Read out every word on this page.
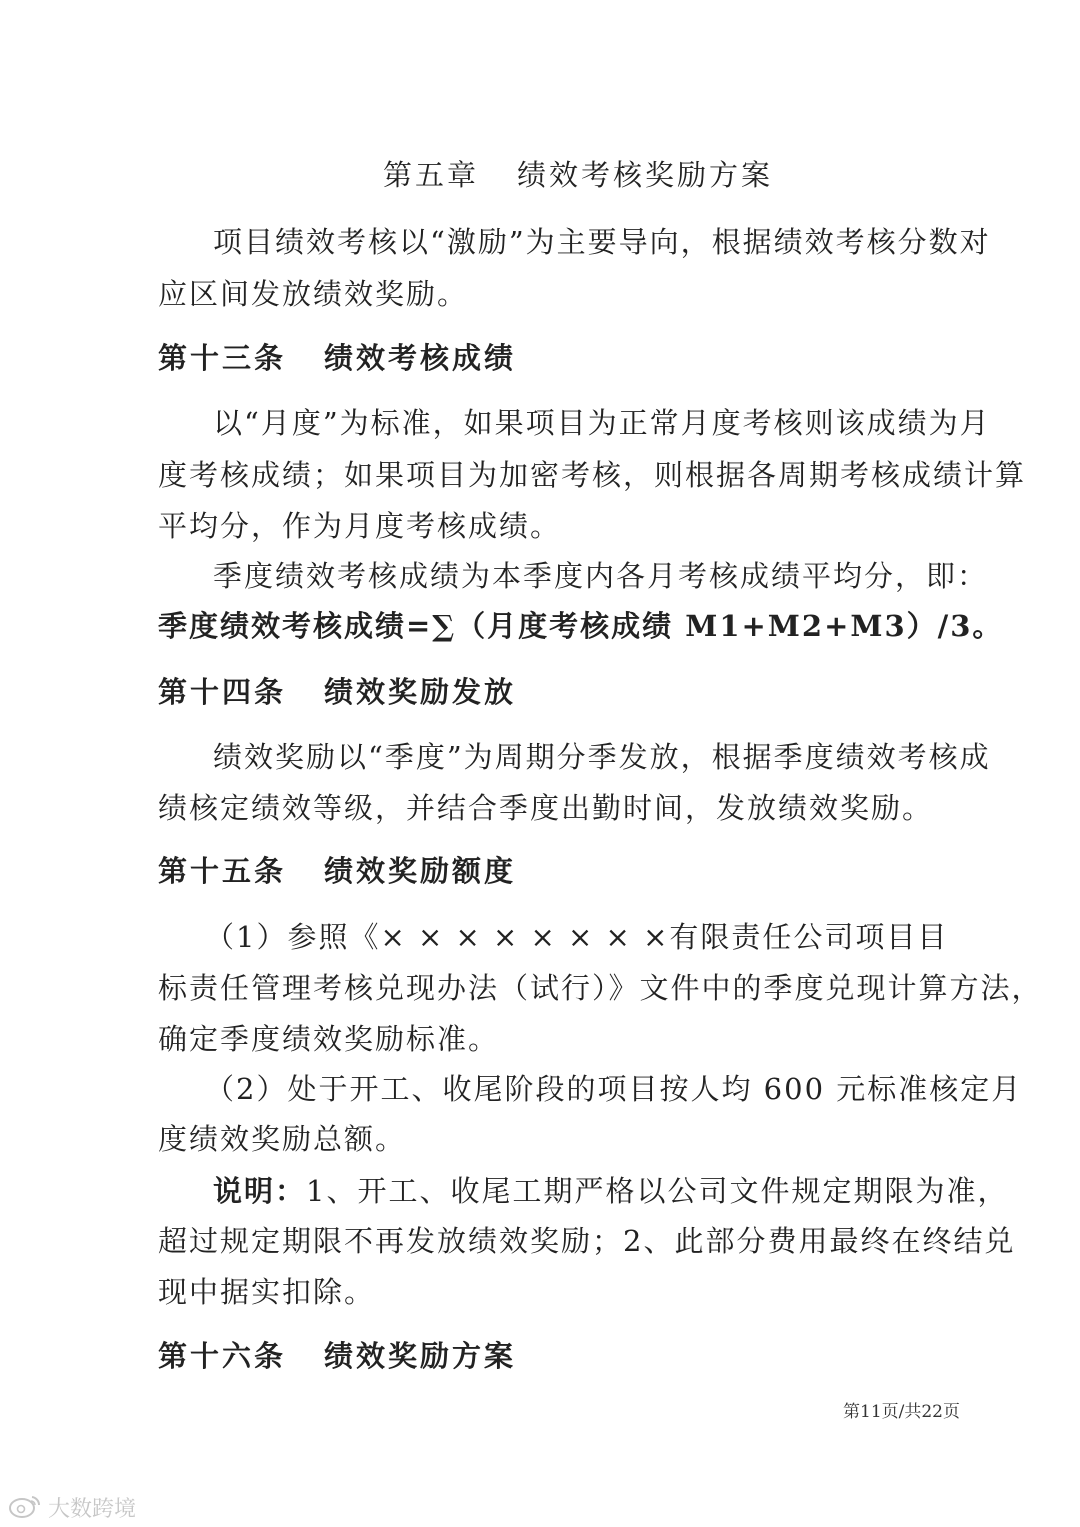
第五章 绩效考核奖励方案
项目绩效考核以“激励”为主要导向，根据绩效考核分数对
应区间发放绩效奖励。
第十三条 绩效考核成绩
以“月度”为标准，如果项目为正常月度考核则该成绩为月
度考核成绩；如果项目为加密考核，则根据各周期考核成绩计算
平均分，作为月度考核成绩。
季度绩效考核成绩为本季度内各月考核成绩平均分，即：
季度绩效考核成绩=∑（月度考核成绩 M1+M2+M3）/3。
第十四条 绩效奖励发放
绩效奖励以“季度”为周期分季发放，根据季度绩效考核成
绩核定绩效等级，并结合季度出勤时间，发放绩效奖励。
第十五条 绩效奖励额度
（1）参照《× × × × × × × ×有限责任公司项目目
标责任管理考核兑现办法（试行）》文件中的季度兑现计算方法，
确定季度绩效奖励标准。
（2）处于开工、收尾阶段的项目按人均 600 元标准核定月
度绩效奖励总额。
说明：1、开工、收尾工期严格以公司文件规定期限为准，
超过规定期限不再发放绩效奖励；2、此部分费用最终在终结兑
现中据实扣除。
第十六条 绩效奖励方案
第11页/共22页
大数跨境
